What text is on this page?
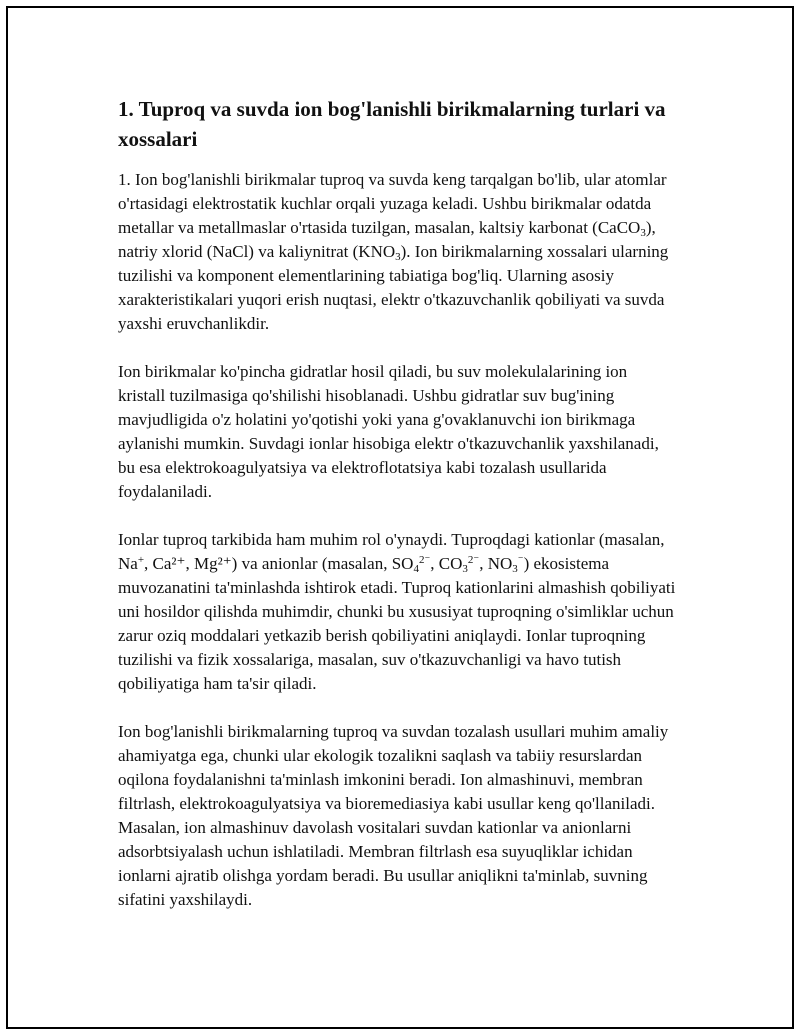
1. Tuproq va suvda ion bog'lanishli birikmalarning turlari va xossalari

1. Ion bog'lanishli birikmalar tuproq va suvda keng tarqalgan bo'lib, ular atomlar o'rtasidagi elektrostatik kuchlar orqali yuzaga keladi. Ushbu birikmalar odatda metallar va metallmaslar o'rtasida tuzilgan, masalan, kaltsiy karbonat (CaCO$_3$), natriy xlorid (NaCl) va kaliynitrat $(KNO_3)$. Ion birikmalarning xossalari ularning tuzilishi va komponent elementlarining tabiatiga bog'liq. Ularning asosiy xarakteristikalari yuqori erish nuqtasi, elektr o'tkazuvchanlik qobiliyati va suvda yaxshi eruvchanlikdir.

Ion birikmalar ko'pincha gidratlar hosil qiladi, bu suv molekulalarining ion kristall tuzilmasiga qo'shilishi hisoblanadi. Ushbu gidratlar suv bug'ining mavjudligida o'z holatini yo'qotishi yoki yana g'ovaklanuvchi ion birikmaga aylanishi mumkin. Suvdagi ionlar hisobiga elektr o'tkazuvchanlik yaxshilanadi, bu esa elektrokoagulyatsiya va elektroflotatsiya kabi tozalash usullarida foydalaniladi.

Ionlar tuproq tarkibida ham muhim rol o'ynaydi. Tuproqdagi kationlar (masalan, Na+, Ca²⁺, Mg²⁺) va anionlar (masalan, $SO_4^{2^-}$, $CO_3^{2^-}$, $NO_3^{^-}$) ekosistema muvozanatini ta'minlashda ishtirok etadi. Tuproq kationlarini almashish qobiliyati uni hosildor qilishda muhimdir, chunki bu xususiyat tuproqning o'simliklar uchun zarur oziq moddalari yetkazib berish qobiliyatini aniqlaydi. Ionlar tuproqning tuzilishi va fizik xossalariga, masalan, suv o'tkazuvchanligi va havo tutish qobiliyatiga ham ta'sir qiladi.

Ion bog'lanishli birikmalarning tuproq va suvdan tozalash usullari muhim amaliy ahamiyatga ega, chunki ular ekologik tozalikni saqlash va tabiiy resurslardan oqilona foydalanishni ta'minlash imkonini beradi. Ion almashinuvi, membran filtrlash, elektrokoagulyatsiya va bioremediasiya kabi usullar keng qo'llaniladi. Masalan, ion almashinuv davolash vositalari suvdan kationlar va anionlarni adsorbtsiyalash uchun ishlatiladi. Membran filtrlash esa suyuqliklar ichidan ionlarni ajratib olishga yordam beradi. Bu usullar aniqlikni ta'minlab, suvning sifatini yaxshilaydi.
